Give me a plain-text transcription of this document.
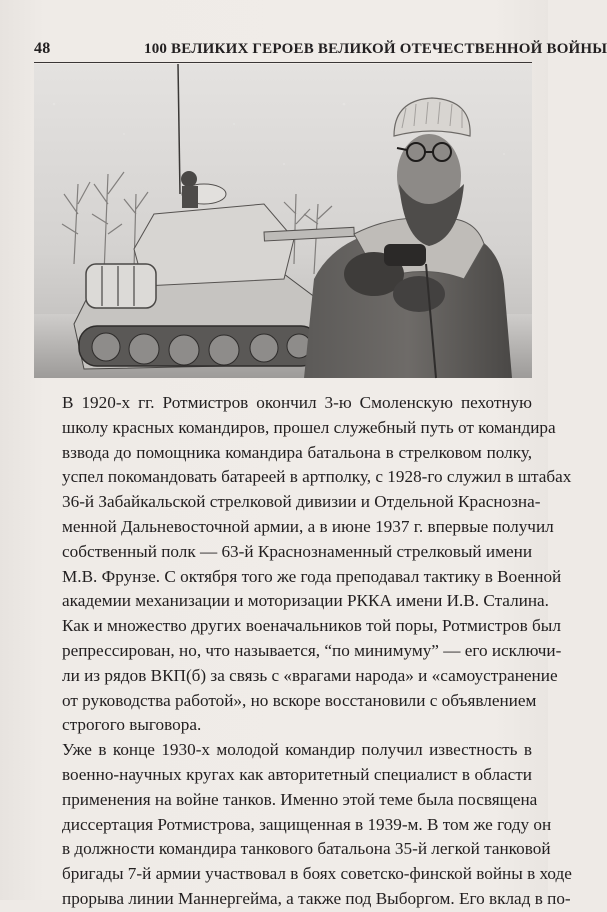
48	100 ВЕЛИКИХ ГЕРОЕВ ВЕЛИКОЙ ОТЕЧЕСТВЕННОЙ ВОЙНЫ
В 1920-х гг. Ротмистров окончил 3-ю Смоленскую пехотную
школу красных командиров, прошел служебный путь от командира
взвода до помощника командира батальона в стрелковом полку,
успел покомандовать батареей в артполку, с 1928-го служил в штабах
36-й Забайкальской стрелковой дивизии и Отдельной Краснозна-
менной Дальневосточной армии, а в июне 1937 г. впервые получил
собственный полк — 63-й Краснознаменный стрелковый имени
М.В. Фрунзе. С октября того же года преподавал тактику в Военной
академии механизации и моторизации РККА имени И.В. Сталина.
Как и множество других военачальников той поры, Ротмистров был
репрессирован, но, что называется, “по минимуму” — его исключи-
ли из рядов ВКП(б) за связь с «врагами народа» и «самоустранение
от руководства работой», но вскоре восстановили с объявлением
строгого выговора.
Уже в конце 1930-х молодой командир получил известность в
военно-научных кругах как авторитетный специалист в области
применения на войне танков. Именно этой теме была посвящена
диссертация Ротмистрова, защищенная в 1939-м. В том же году он
в должности командира танкового батальона 35-й легкой танковой
бригады 7-й армии участвовал в боях советско-финской войны в ходе
прорыва линии Маннергейма, а также под Выборгом. Его вклад в по-
